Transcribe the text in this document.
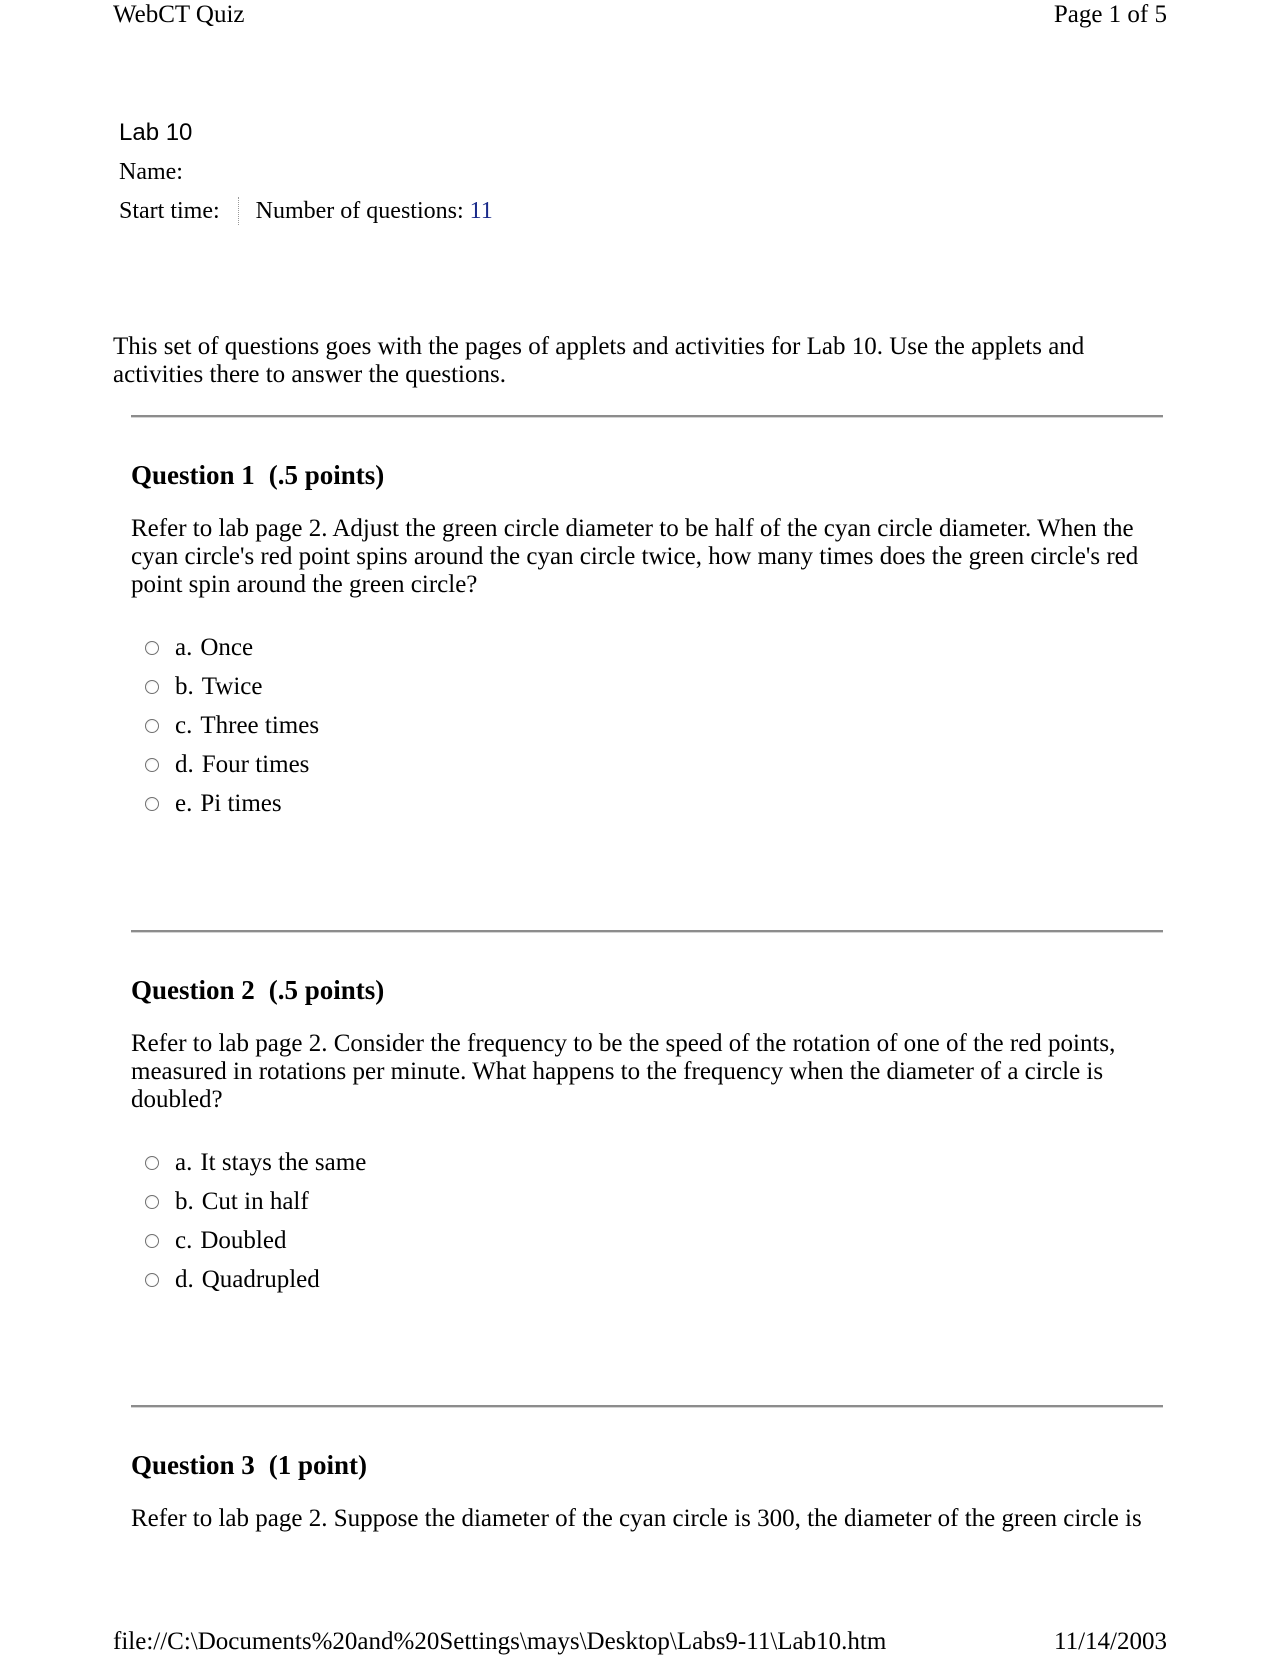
WebCT Quiz	Page 1 of 5
Lab 10
Name:
Start time: Number of questions:
11
This set of questions goes with the pages of applets and activities for Lab 10. Use the applets and activities there to answer the questions.
Question 1 (.5 points)

Refer to lab page 2. Adjust the green circle diameter to be half of the cyan circle diameter. When the cyan circle's red point spins around the cyan circle twice, how many times does the green circle's red point spin around the green circle?

a. Once
b. Twice
c. Three times
d. Four times
e. Pi times
Question 2 (.5 points)

Refer to lab page 2. Consider the frequency to be the speed of the rotation of one of the red points, measured in rotations per minute. What happens to the frequency when the diameter of a circle is doubled?

a. It stays the same
b. Cut in half
c. Doubled
d. Quadrupled
Question 3 (1 point)

Refer to lab page 2. Suppose the diameter of the cyan circle is 300, the diameter of the green circle is

file://C:\Documents%20and%20Settings\mays\Desktop\Labs9-11\Lab10.htm	11/14/2003
